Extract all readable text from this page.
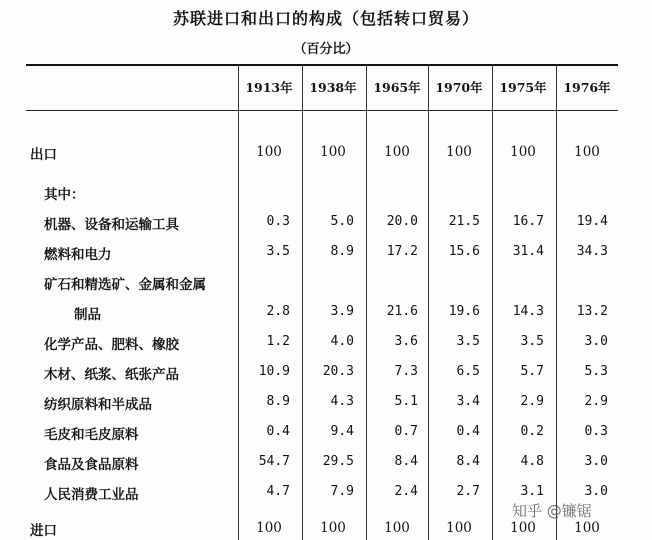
苏联进口和出口的构成（包括转口贸易）
（百分比）
1913年	1938年	1965年	1970年	1975年	1976年
出口	100	100	100	100	100	100
其中：
机器、设备和运输工具	0.3	5.0	20.0	21.5	16.7	19.4
燃料和电力	3.5	8.9	17.2	15.6	31.4	34.3
矿石和精选矿、金属和金属
制品	2.8	3.9	21.6	19.6	14.3	13.2
化学产品、肥料、橡胶	1.2	4.0	3.6	3.5	3.5	3.0
木材、纸浆、纸张产品	10.9	20.3	7.3	6.5	5.7	5.3
纺织原料和半成品	8.9	4.3	5.1	3.4	2.9	2.9
毛皮和毛皮原料	0.4	9.4	0.7	0.4	0.2	0.3
食品及食品原料	54.7	29.5	8.4	8.4	4.8	3.0
人民消费工业品	4.7	7.9	2.4	2.7	3.1	3.0
进口	100	100	100	100	100	100
知乎 @镰锯
